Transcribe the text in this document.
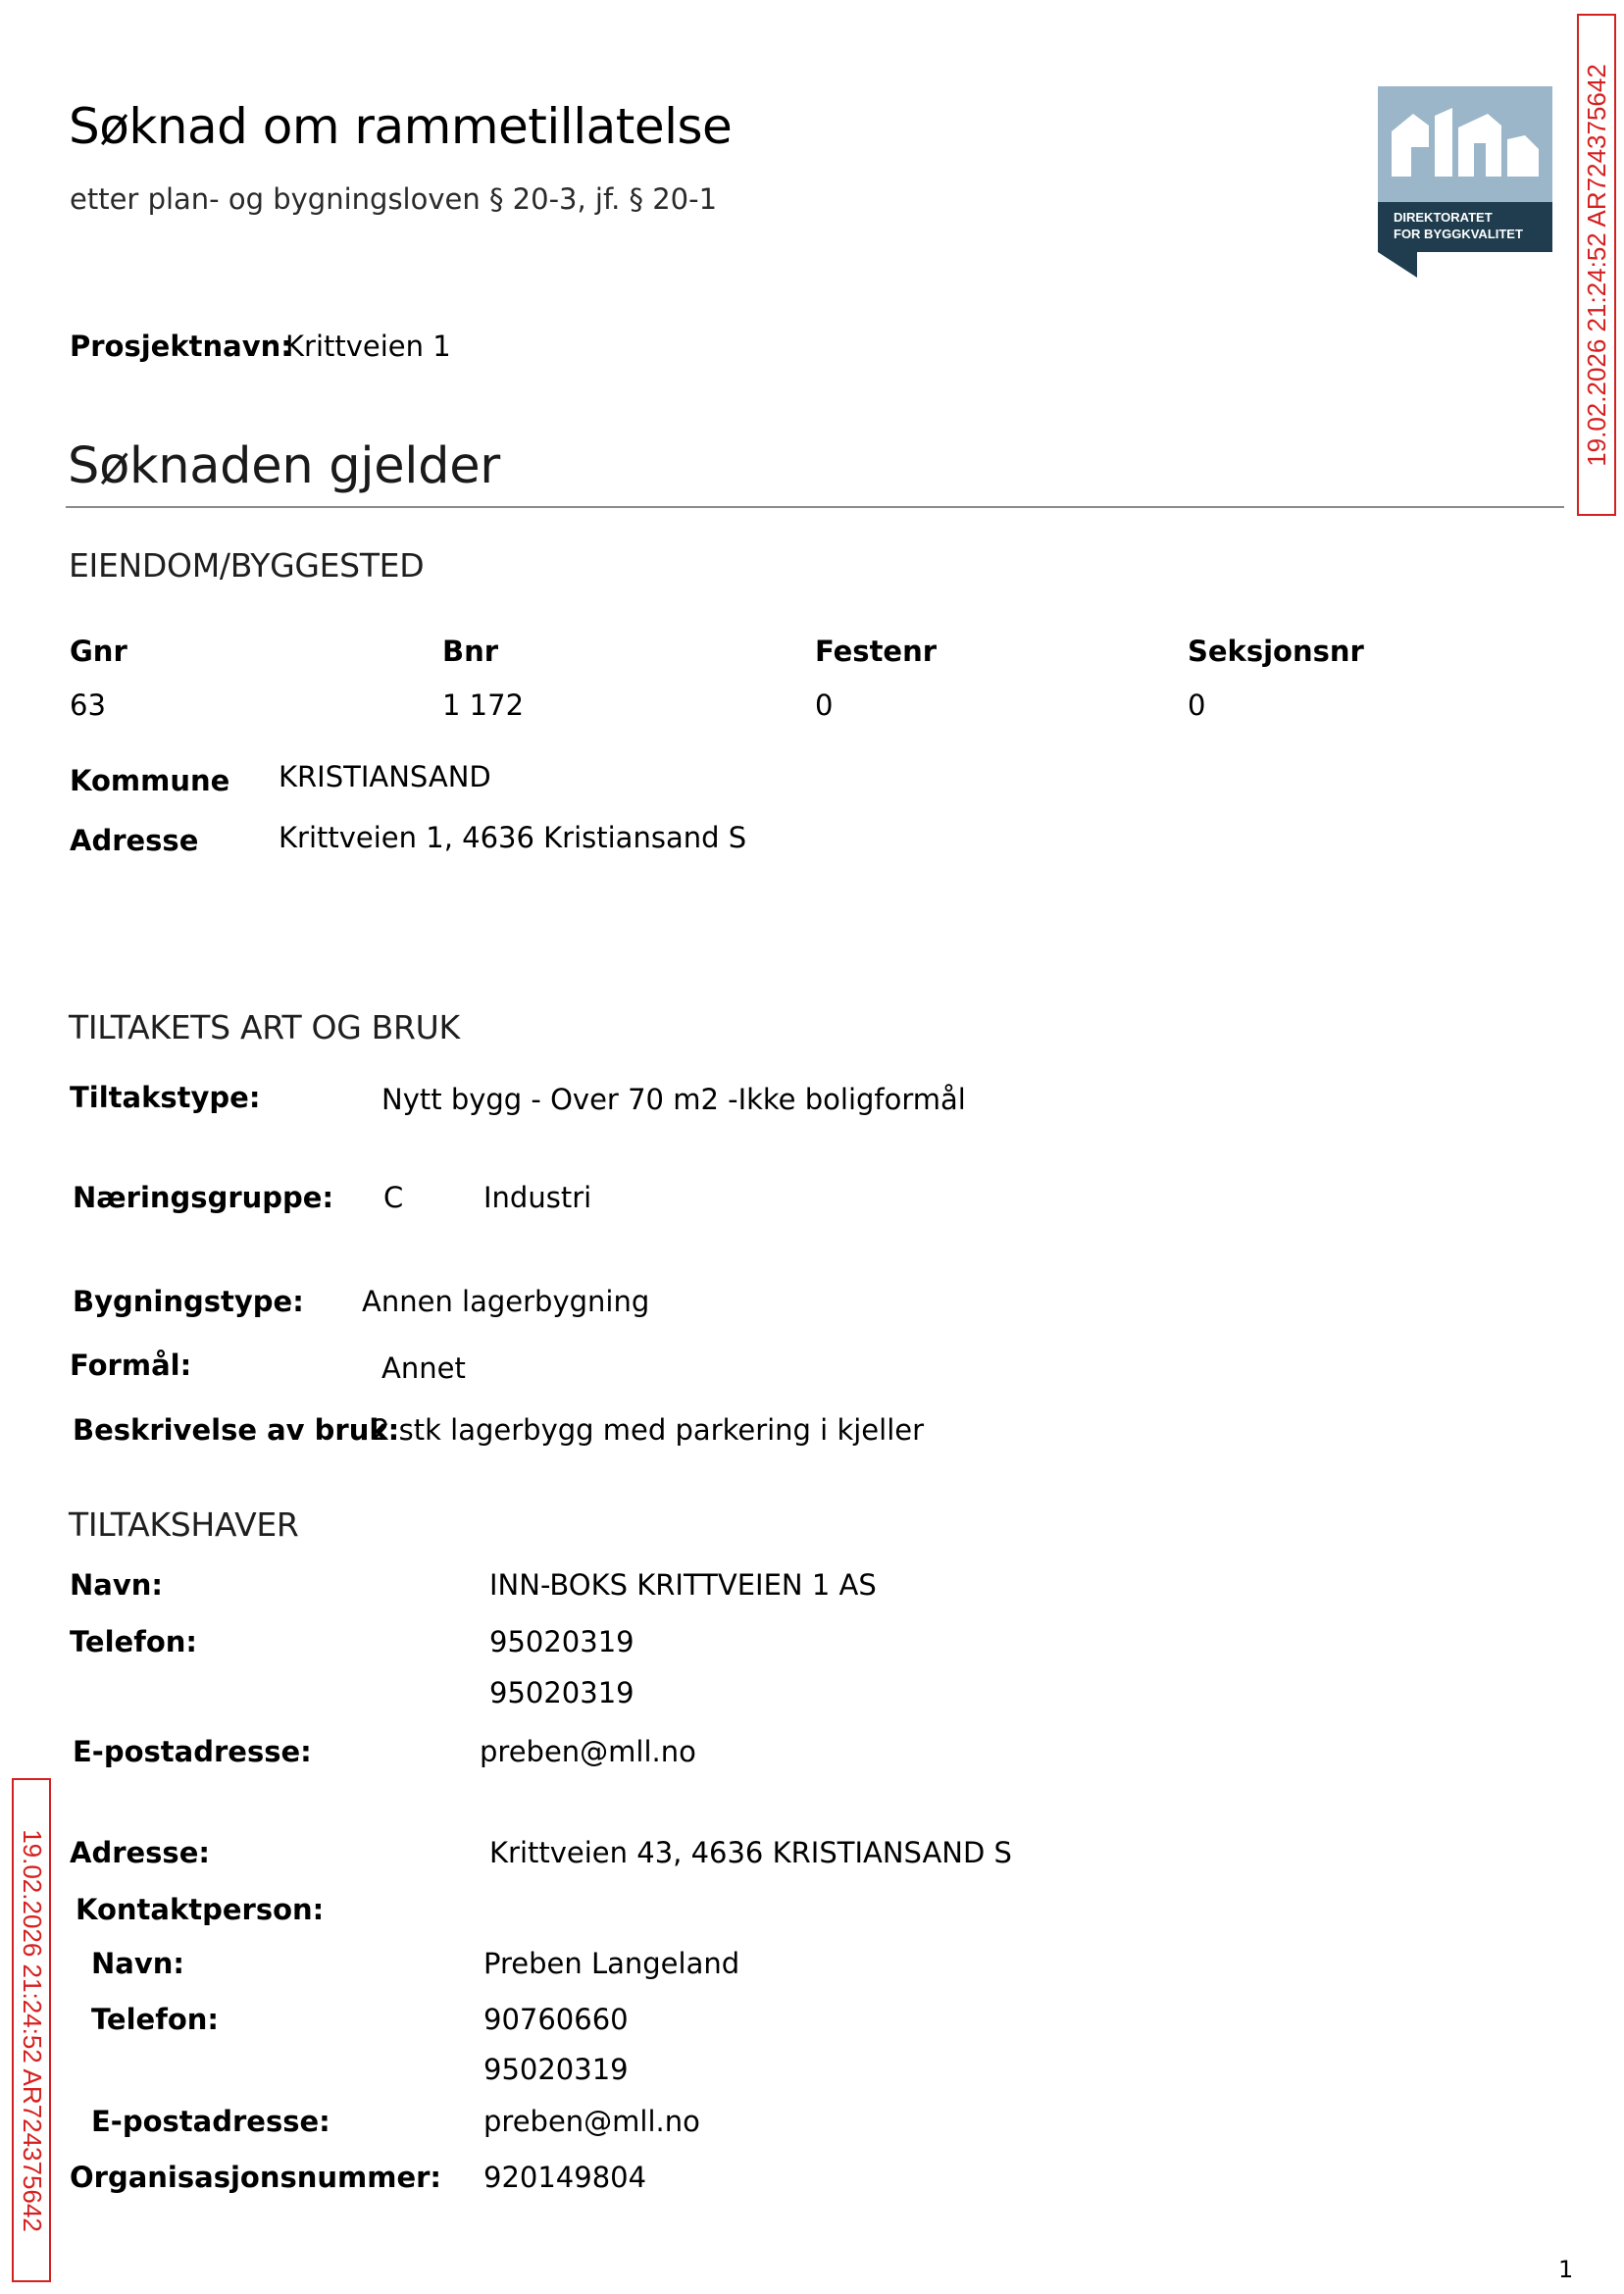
Søknad om rammetillatelse
etter plan- og bygningsloven § 20-3, jf. § 20-1
DIREKTORATET
FOR BYGGKVALITET
Prosjektnavn:
Krittveien 1
Søknaden gjelder
EIENDOM/BYGGESTED
Gnr	Bnr	Festenr	Seksjonsnr
63	1 172	0	0
Kommune KRISTIANSAND
Adresse	Krittveien 1, 4636 Kristiansand S
TILTAKETS ART OG BRUK
Tiltakstype:	Nytt bygg - Over 70 m2 -Ikke boligformål
Næringsgruppe: C	Industri
Bygningstype: Annen lagerbygning
Formål:	Annet
Beskrivelse av bruk:
2 stk lagerbygg med parkering i kjeller
TILTAKSHAVER
Navn:	INN-BOKS KRITTVEIEN 1 AS
Telefon:	95020319
95020319
E-postadresse:	preben@mll.no
Adresse:	Krittveien 43, 4636 KRISTIANSAND S
Kontaktperson:
Navn:	Preben Langeland
Telefon:	90760660
95020319
E-postadresse:	preben@mll.no
Organisasjonsnummer: 920149804
19.02.2026 21:24:52 AR724375642
19.02.2026 21:24:52 AR724375642
1
